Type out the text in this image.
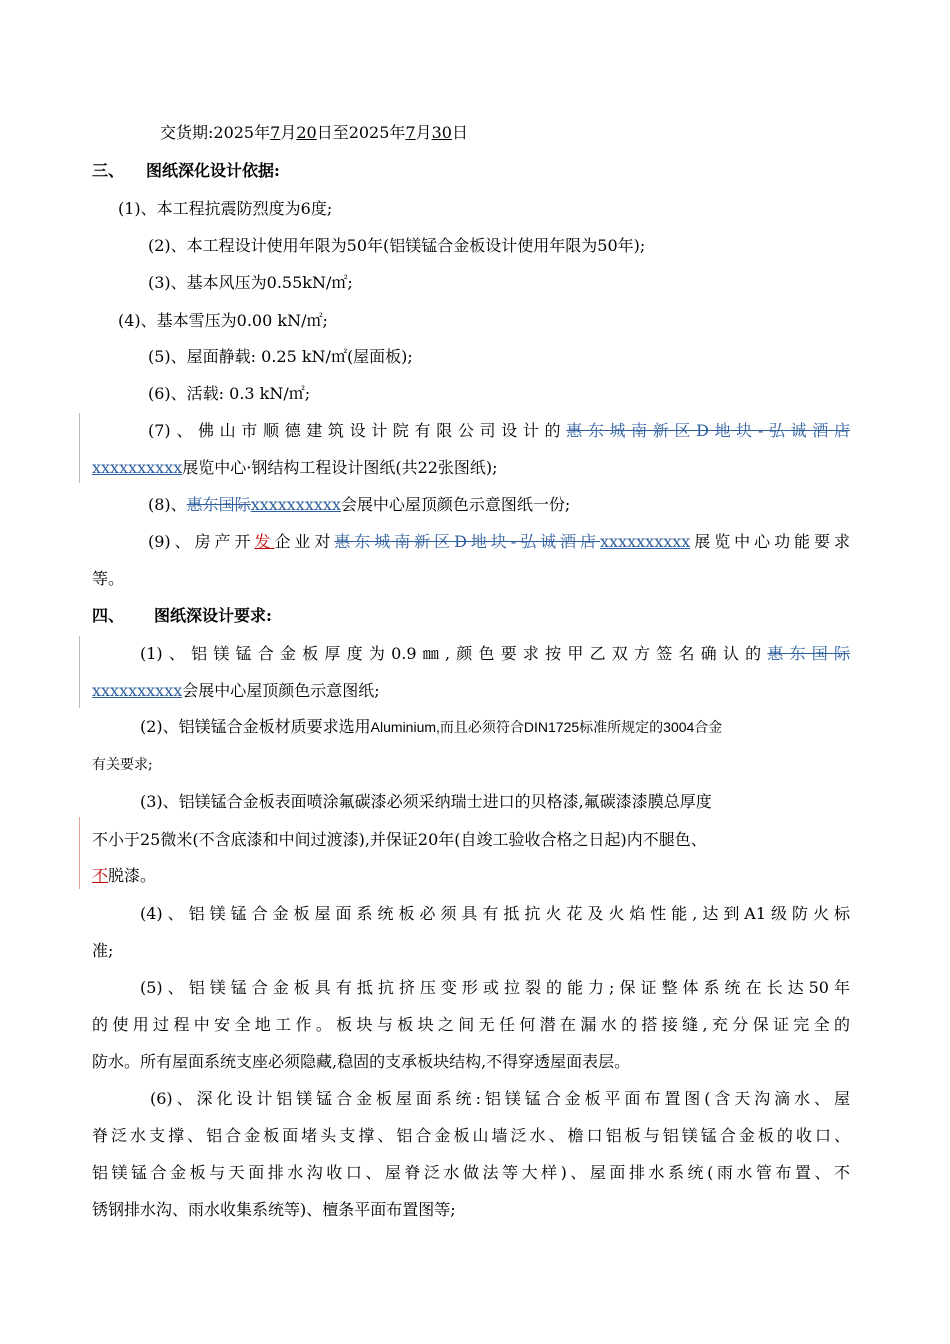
交货期:2025年7月20日至2025年7月30日
三、 图纸深化设计依据:
(1)、本工程抗震防烈度为6度;
(2)、本工程设计使用年限为50年(铝镁锰合金板设计使用年限为50年);
(3)、基本风压为0.55kN/㎡;
(4)、基本雪压为0.00 kN/㎡;
(5)、屋面静载: 0.25 kN/㎡(屋面板);
(6)、活载: 0.3 kN/㎡;
(7)、佛山市顺德建筑设计院有限公司设计的惠东城南新区D地块-弘诚酒店
xxxxxxxxxx展览中心·钢结构工程设计图纸(共22张图纸);
(8)、惠东国际xxxxxxxxxx会展中心屋顶颜色示意图纸一份;
(9)、房产开发企业对惠东城南新区D地块-弘诚酒店xxxxxxxxxx展览中心功能要求
等。
四、 图纸深设计要求:
(1)、铝镁锰合金板厚度为0.9㎜,颜色要求按甲乙双方签名确认的惠东国际
xxxxxxxxxx会展中心屋顶颜色示意图纸;
(2)、铝镁锰合金板材质要求选用Aluminium,而且必须符合DIN1725标准所规定的3004合金
有关要求;
(3)、铝镁锰合金板表面喷涂氟碳漆必须采纳瑞士进口的贝格漆,氟碳漆漆膜总厚度
不小于25微米(不含底漆和中间过渡漆),并保证20年(自竣工验收合格之日起)内不腿色、
不脱漆。
(4)、铝镁锰合金板屋面系统板必须具有抵抗火花及火焰性能,达到A1级防火标
准;
(5)、铝镁锰合金板具有抵抗挤压变形或拉裂的能力;保证整体系统在长达50年
的使用过程中安全地工作。板块与板块之间无任何潜在漏水的搭接缝,充分保证完全的
防水。所有屋面系统支座必须隐藏,稳固的支承板块结构,不得穿透屋面表层。
(6)、深化设计铝镁锰合金板屋面系统:铝镁锰合金板平面布置图(含天沟滴水、屋
脊泛水支撑、铝合金板面堵头支撑、铝合金板山墙泛水、檐口铝板与铝镁锰合金板的收口、
铝镁锰合金板与天面排水沟收口、屋脊泛水做法等大样)、屋面排水系统(雨水管布置、不
锈钢排水沟、雨水收集系统等)、檀条平面布置图等;
